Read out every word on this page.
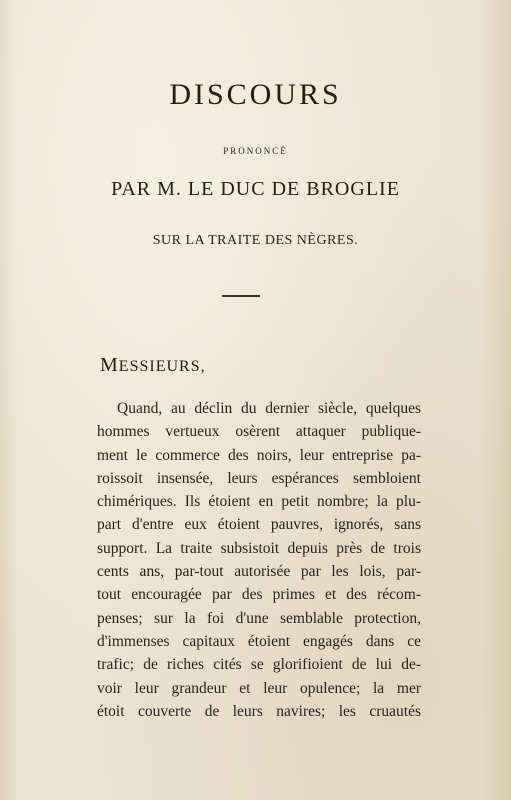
DISCOURS
PRONONCÉ
PAR M. LE DUC DE BROGLIE
SUR LA TRAITE DES NÈGRES.
MESSIEURS,
Quand, au déclin du dernier siècle, quelques
hommes vertueux osèrent attaquer publique-
ment le commerce des noirs, leur entreprise pa-
roissoit insensée, leurs espérances sembloient
chimériques. Ils étoient en petit nombre; la plu-
part d'entre eux étoient pauvres, ignorés, sans
support. La traite subsistoit depuis près de trois
cents ans, par-tout autorisée par les lois, par-
tout encouragée par des primes et des récom-
penses; sur la foi d'une semblable protection,
d'immenses capitaux étoient engagés dans ce
trafic; de riches cités se glorifioient de lui de-
voir leur grandeur et leur opulence; la mer
étoit couverte de leurs navires; les cruautés
